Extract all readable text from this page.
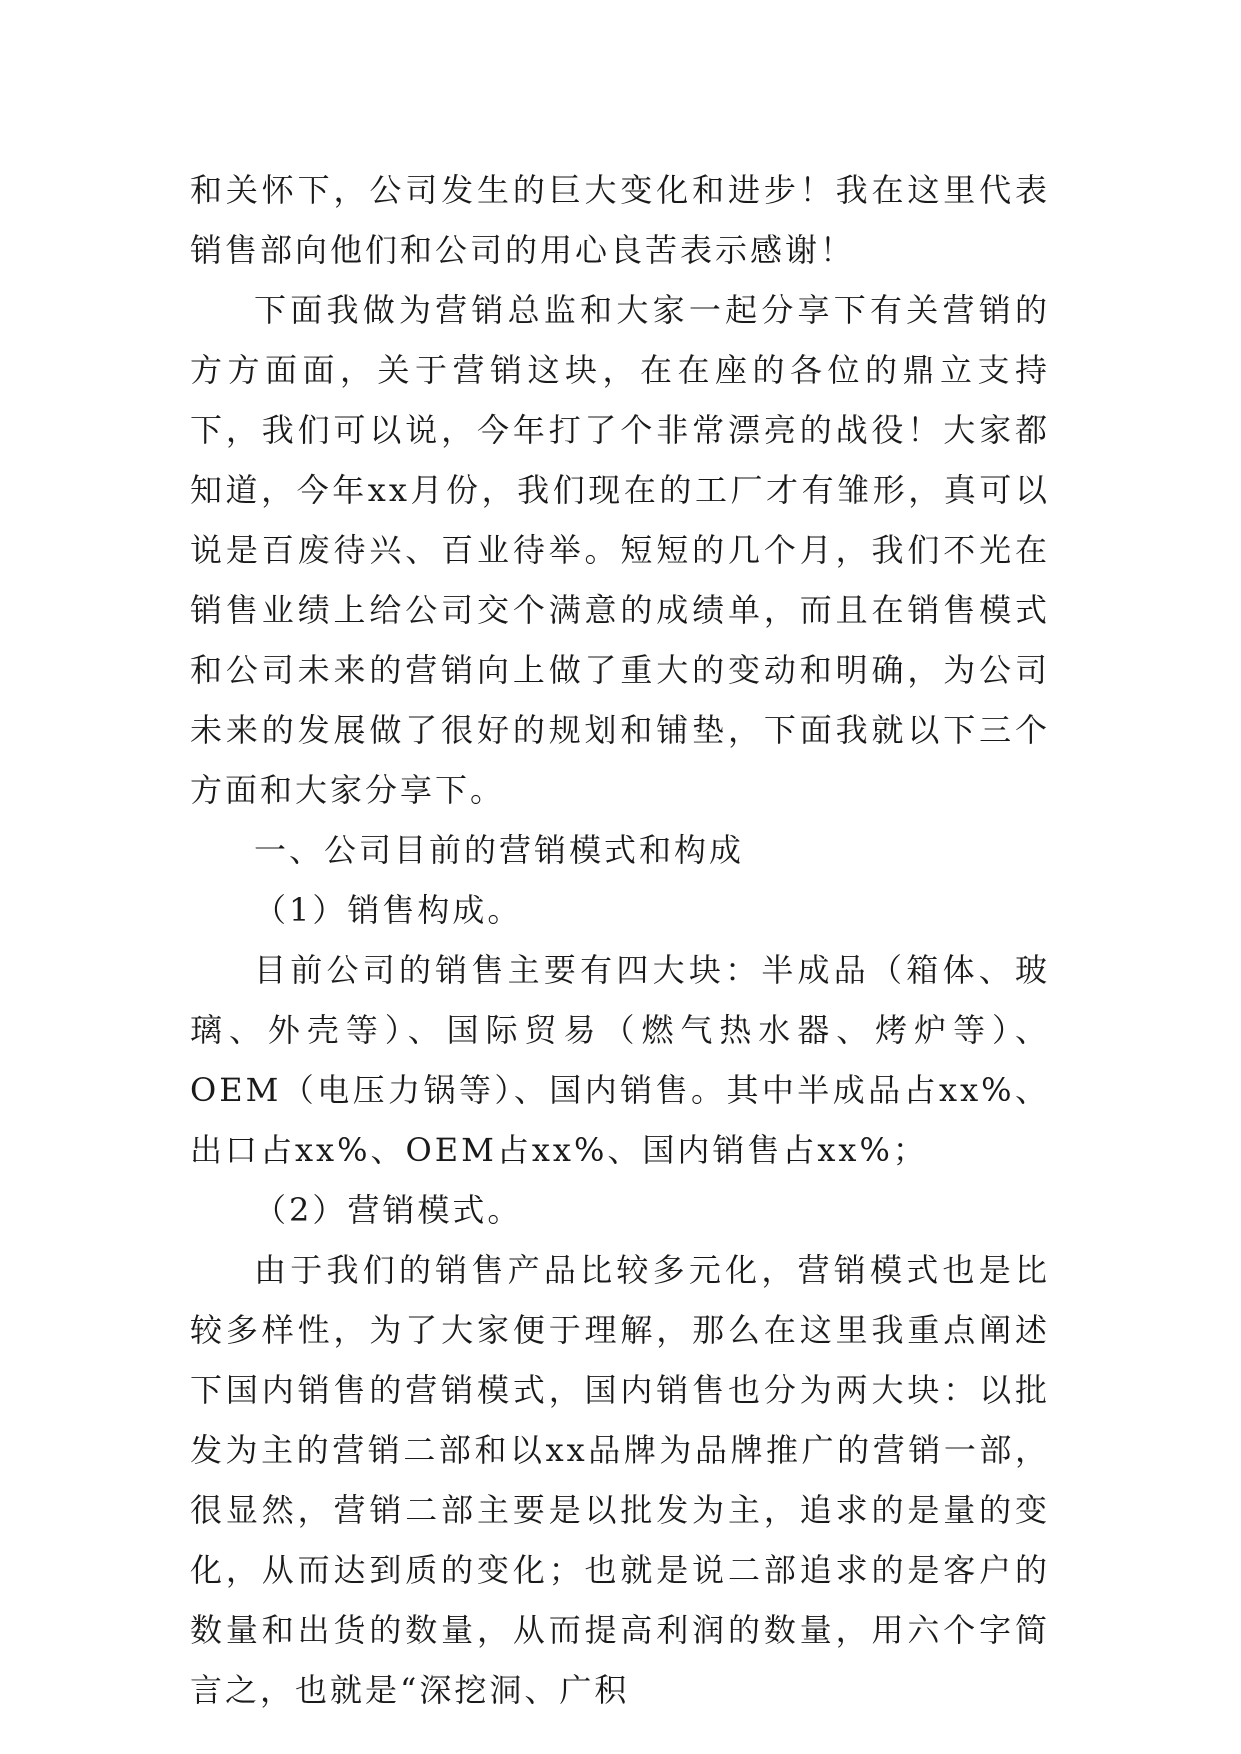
和关怀下，公司发生的巨大变化和进步！我在这里代表销售部向他们和公司的用心良苦表示感谢！

下面我做为营销总监和大家一起分享下有关营销的方方面面，关于营销这块，在在座的各位的鼎立支持下，我们可以说，今年打了个非常漂亮的战役！大家都知道，今年xx月份，我们现在的工厂才有雏形，真可以说是百废待兴、百业待举。短短的几个月，我们不光在销售业绩上给公司交个满意的成绩单，而且在销售模式和公司未来的营销向上做了重大的变动和明确，为公司未来的发展做了很好的规划和铺垫，下面我就以下三个方面和大家分享下。

一、公司目前的营销模式和构成

（1）销售构成。

目前公司的销售主要有四大块：半成品（箱体、玻璃、外壳等）、国际贸易（燃气热水器、烤炉等）、OEM（电压力锅等）、国内销售。其中半成品占xx%、出口占xx%、OEM占xx%、国内销售占xx%；

（2）营销模式。

由于我们的销售产品比较多元化，营销模式也是比较多样性，为了大家便于理解，那么在这里我重点阐述下国内销售的营销模式，国内销售也分为两大块：以批发为主的营销二部和以xx品牌为品牌推广的营销一部，很显然，营销二部主要是以批发为主，追求的是量的变化，从而达到质的变化；也就是说二部追求的是客户的数量和出货的数量，从而提高利润的数量，用六个字简言之，也就是“深挖洞、广积
